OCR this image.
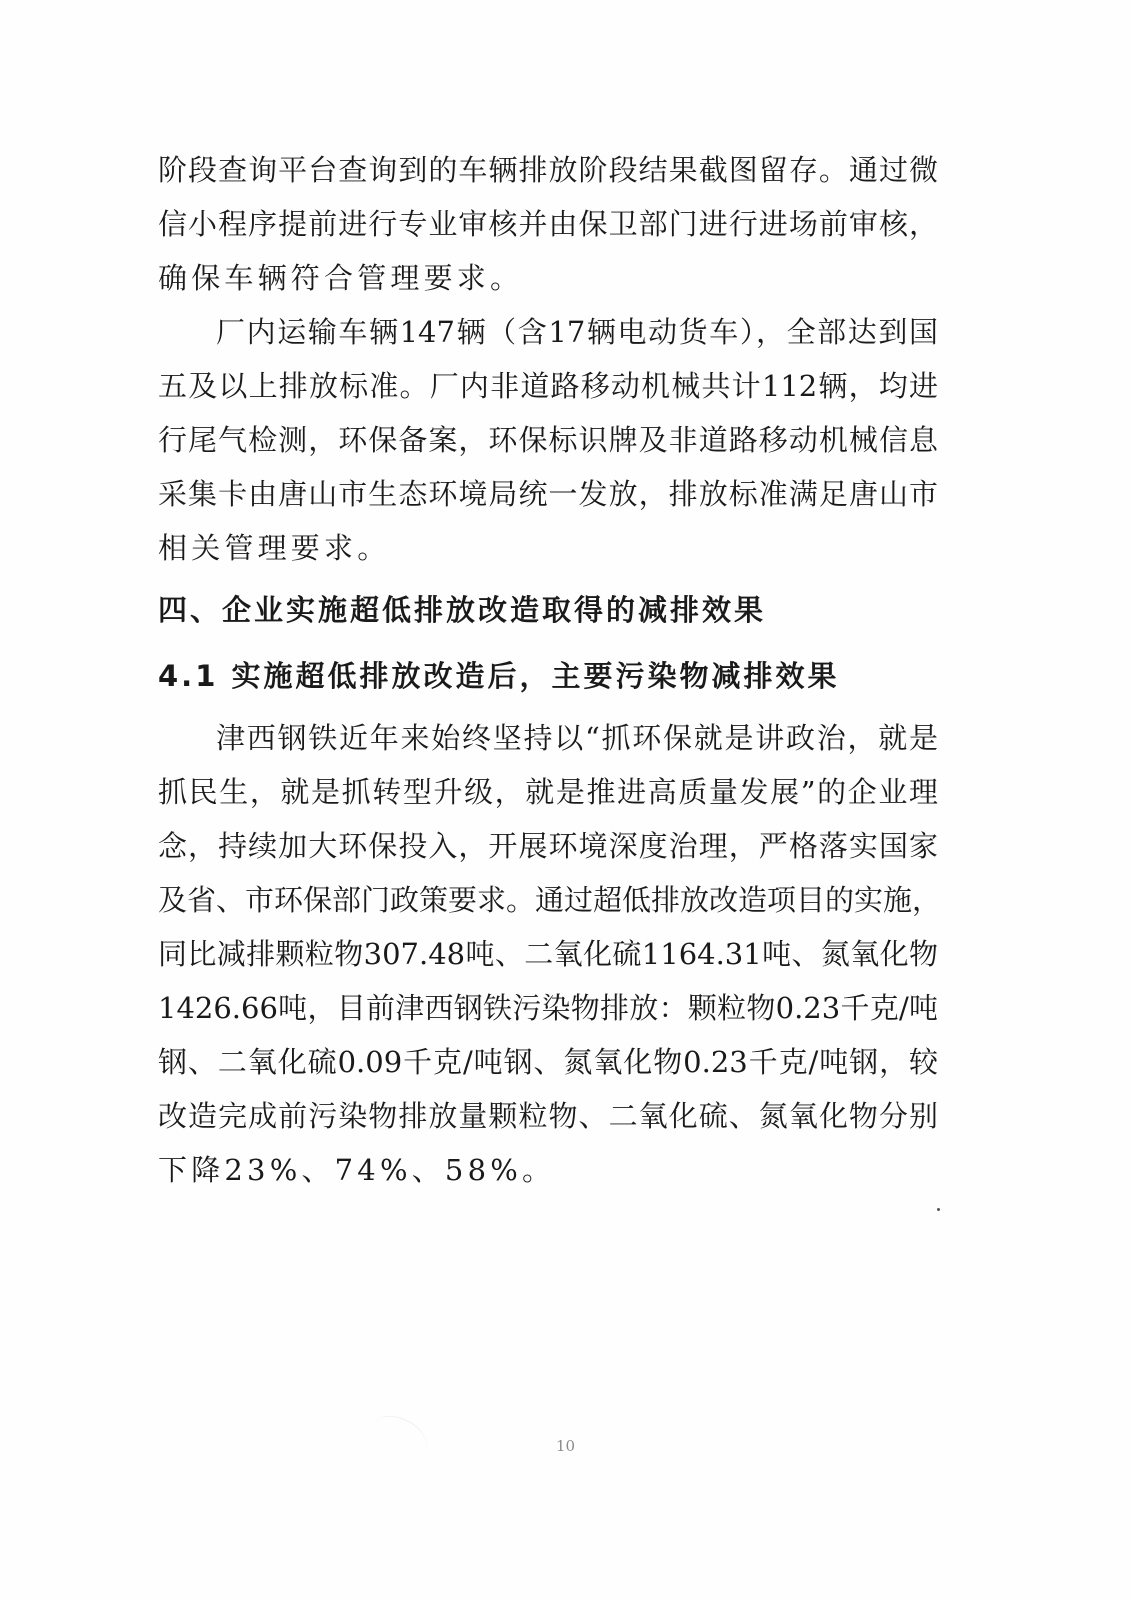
阶段查询平台查询到的车辆排放阶段结果截图留存。通过微
信小程序提前进行专业审核并由保卫部门进行进场前审核，
确保车辆符合管理要求。
厂内运输车辆147辆（含17辆电动货车），全部达到国
五及以上排放标准。厂内非道路移动机械共计112辆，均进
行尾气检测，环保备案，环保标识牌及非道路移动机械信息
采集卡由唐山市生态环境局统一发放，排放标准满足唐山市
相关管理要求。
四、企业实施超低排放改造取得的减排效果
4.1 实施超低排放改造后，主要污染物减排效果
津西钢铁近年来始终坚持以“抓环保就是讲政治，就是
抓民生，就是抓转型升级，就是推进高质量发展”的企业理
念，持续加大环保投入，开展环境深度治理，严格落实国家
及省、市环保部门政策要求。通过超低排放改造项目的实施，
同比减排颗粒物307.48吨、二氧化硫1164.31吨、氮氧化物
1426.66吨，目前津西钢铁污染物排放：颗粒物0.23千克/吨
钢、二氧化硫0.09千克/吨钢、氮氧化物0.23千克/吨钢，较
改造完成前污染物排放量颗粒物、二氧化硫、氮氧化物分别
下降23%、74%、58%。
10
